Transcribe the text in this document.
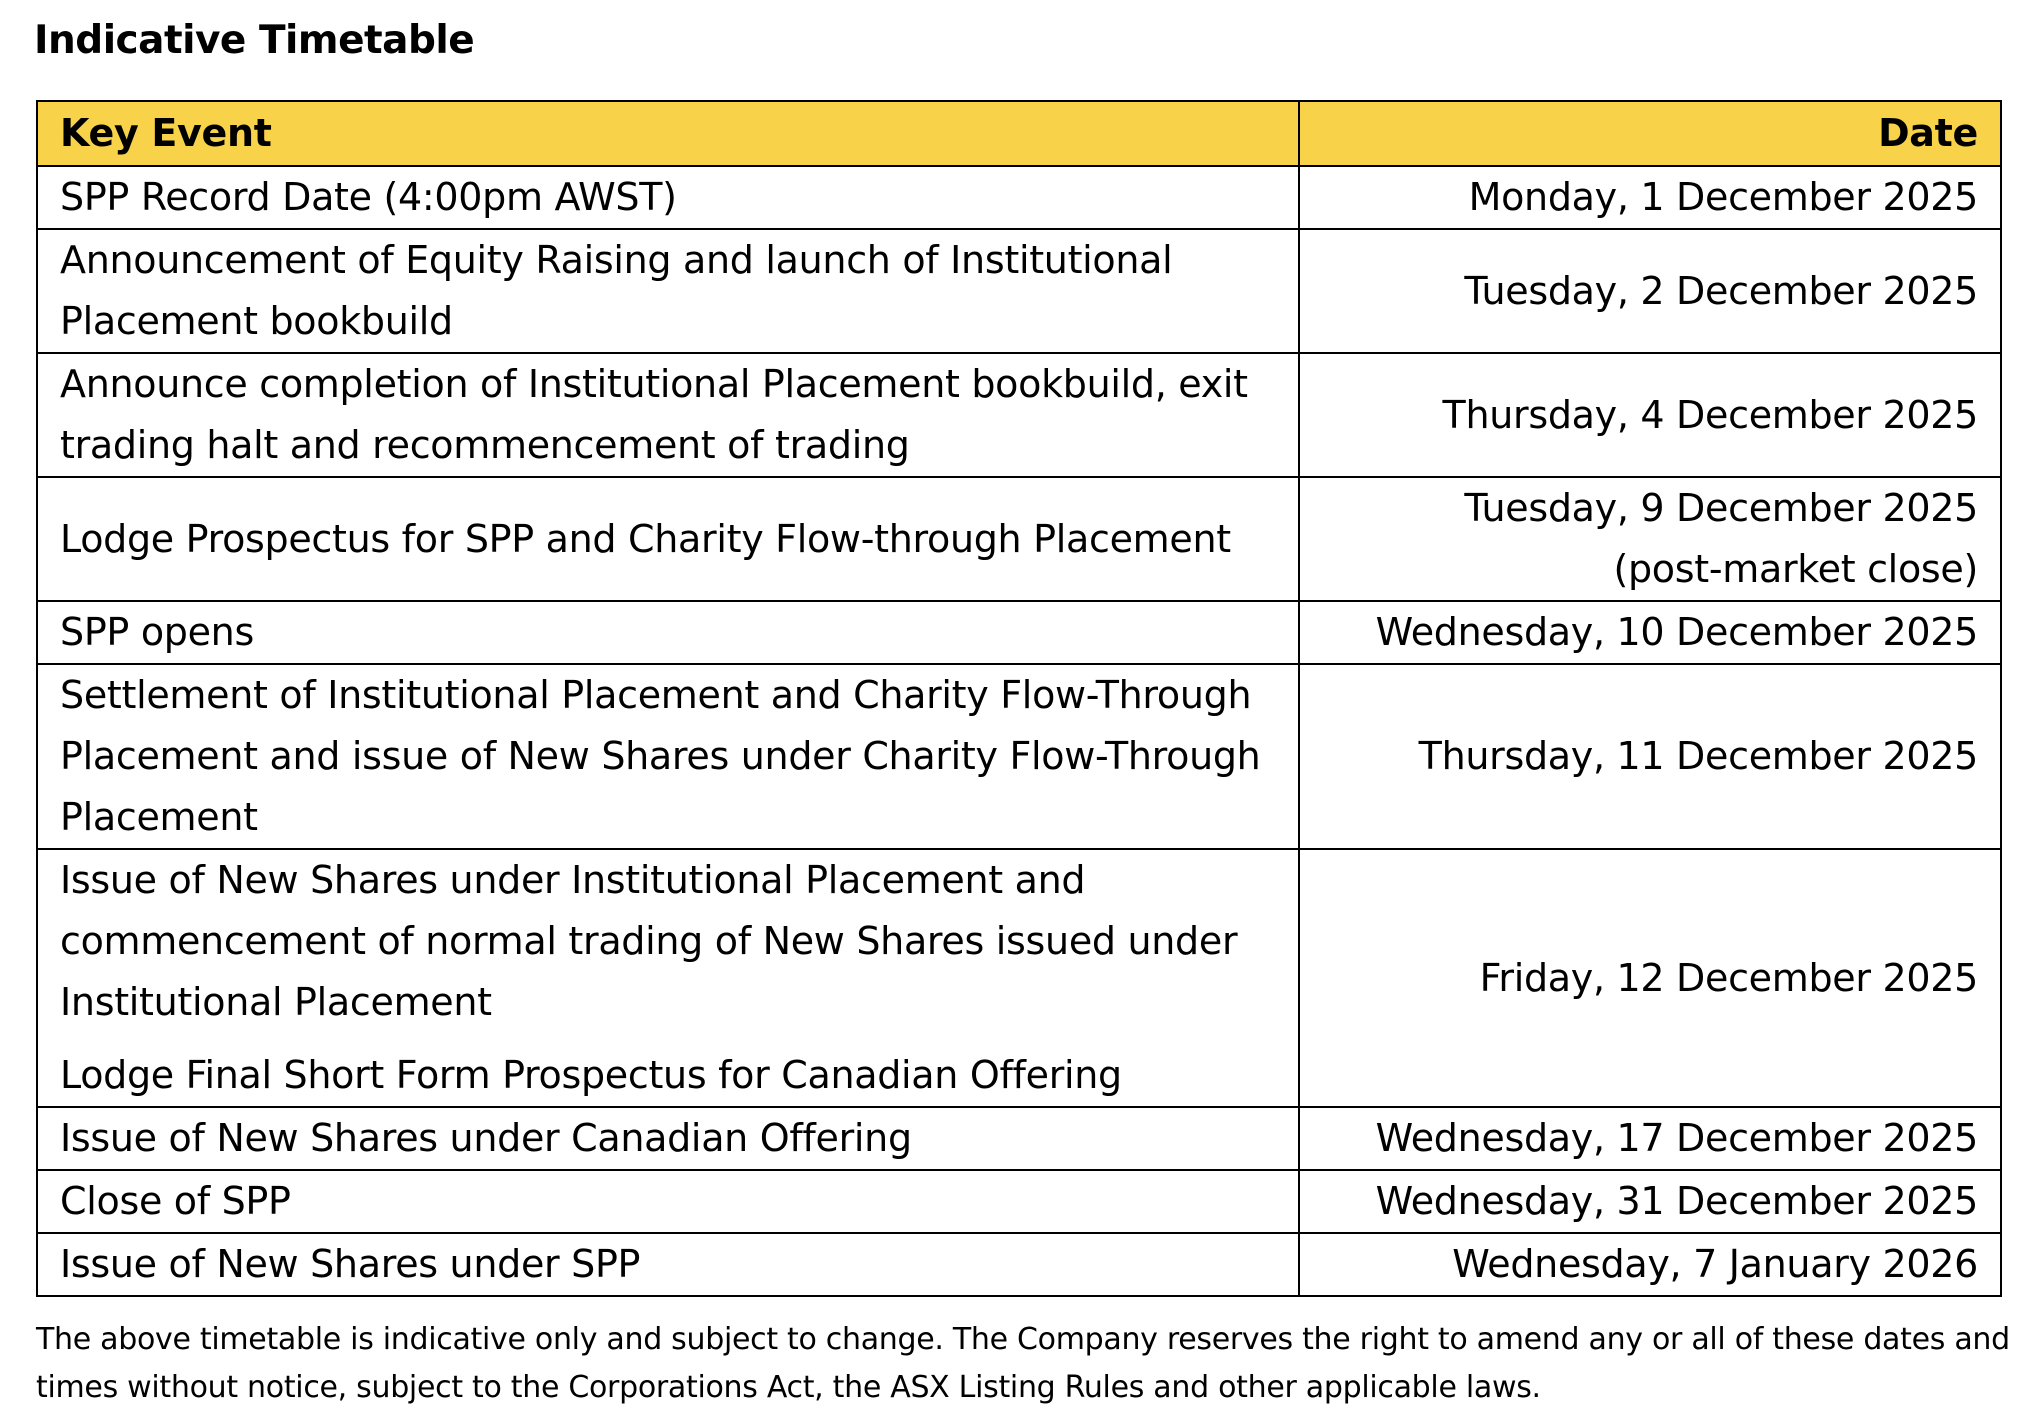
Indicative Timetable
Key Event	Date

SPP Record Date (4:00pm AWST)	Monday, 1 December 2025

Announcement of Equity Raising and launch of Institutional Placement bookbuild	Tuesday, 2 December 2025

Announce completion of Institutional Placement bookbuild, exit trading halt and recommencement of trading	Thursday, 4 December 2025

Lodge Prospectus for SPP and Charity Flow-through Placement	Tuesday, 9 December 2025
(post-market close)

SPP opens	Wednesday, 10 December 2025

Settlement of Institutional Placement and Charity Flow-Through Placement and issue of New Shares under Charity Flow-Through Placement	Thursday, 11 December 2025

Issue of New Shares under Institutional Placement and commencement of normal trading of New Shares issued under Institutional Placement
Lodge Final Short Form Prospectus for Canadian Offering	Friday, 12 December 2025

Issue of New Shares under Canadian Offering	Wednesday, 17 December 2025

Close of SPP	Wednesday, 31 December 2025

Issue of New Shares under SPP	Wednesday, 7 January 2026

The above timetable is indicative only and subject to change. The Company reserves the right to amend any or all of these dates and times without notice, subject to the Corporations Act, the ASX Listing Rules and other applicable laws.
